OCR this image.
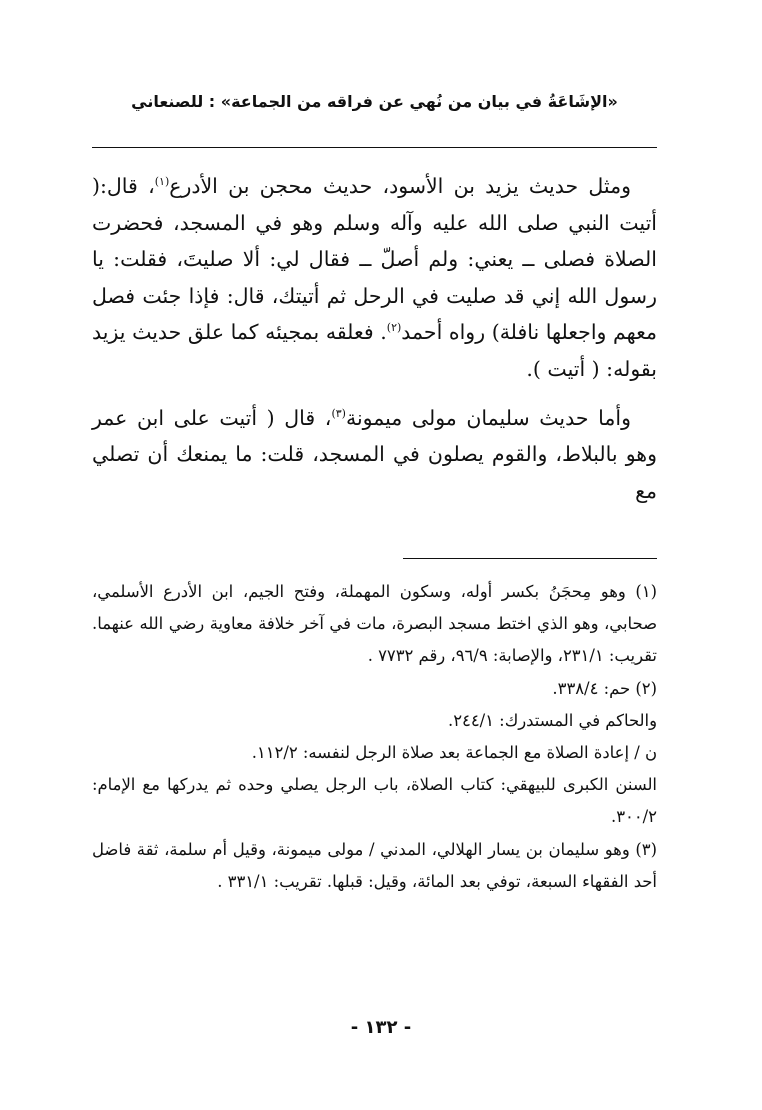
«الإشَاعَةُ في بيان من نُهي عن فراقه من الجماعة» : للصنعاني

ومثل حديث يزيد بن الأسود، حديث محجن بن الأدرع$^{(١)}$، قال:( أتيت النبي صلى الله عليه وآله وسلم وهو في المسجد، فحضرت الصلاة فصلى ــ يعني: ولم أصلّ ــ فقال لي: ألا صليتَ، فقلت: يا رسول الله إني قد صليت في الرحل ثم أتيتك، قال: فإذا جئت فصل معهم واجعلها نافلة) رواه أحمد$^{(٢)}$. فعلقه بمجيئه كما علق حديث يزيد بقوله: ( أتيت ).

وأما حديث سليمان مولى ميمونة$^{(٣)}$، قال ( أتيت على ابن عمر وهو بالبلاط، والقوم يصلون في المسجد، قلت: ما يمنعك أن تصلي مع

(١) وهو مِحجَنُ بكسر أوله، وسكون المهملة، وفتح الجيم، ابن الأدرع الأسلمي، صحابي، وهو الذي اختط مسجد البصرة، مات في آخر خلافة معاوية رضي الله عنهما. تقريب: ٢٣١/١، والإصابة: ٩٦/٩، رقم ٧٧٣٢ .

(٢) حم: ٣٣٨/٤.

والحاكم في المستدرك: ٢٤٤/١.

ن / إعادة الصلاة مع الجماعة بعد صلاة الرجل لنفسه: ١١٢/٢.

السنن الكبرى للبيهقي: كتاب الصلاة، باب الرجل يصلي وحده ثم يدركها مع الإمام: ٣٠٠/٢.

(٣) وهو سليمان بن يسار الهلالي، المدني / مولى ميمونة، وقيل أم سلمة، ثقة فاضل أحد الفقهاء السبعة، توفي بعد المائة، وقيل: قبلها. تقريب: ٣٣١/١ .

- ١٣٢ -
